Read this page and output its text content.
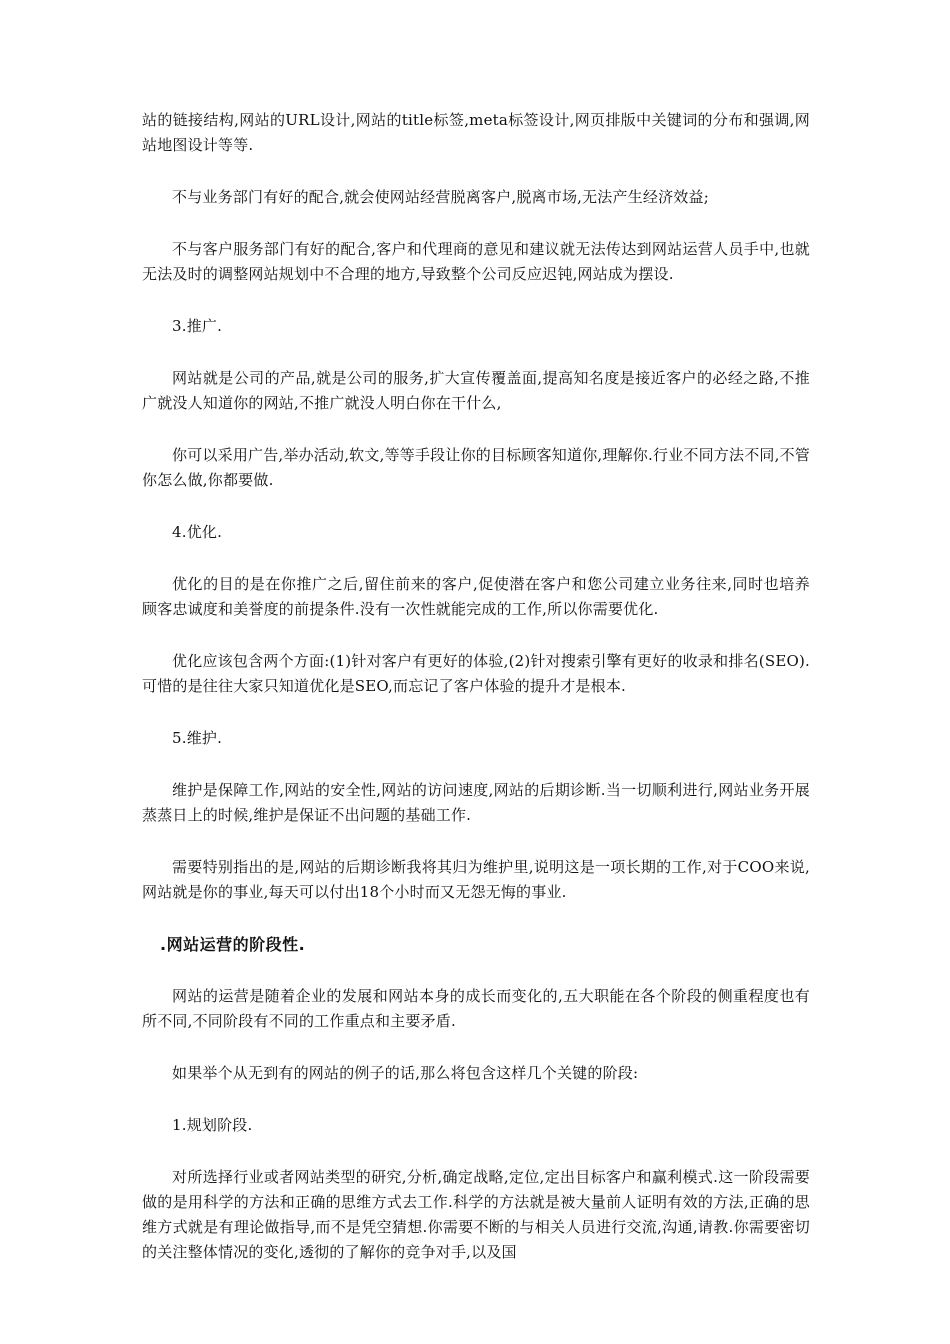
站的链接结构,网站的URL设计,网站的title标签,meta标签设计,网页排版中关键词的分布和强调,网站地图设计等等.

不与业务部门有好的配合,就会使网站经营脱离客户,脱离市场,无法产生经济效益;

不与客户服务部门有好的配合,客户和代理商的意见和建议就无法传达到网站运营人员手中,也就无法及时的调整网站规划中不合理的地方,导致整个公司反应迟钝,网站成为摆设.

3.推广.

网站就是公司的产品,就是公司的服务,扩大宣传覆盖面,提高知名度是接近客户的必经之路,不推广就没人知道你的网站,不推广就没人明白你在干什么,

你可以采用广告,举办活动,软文,等等手段让你的目标顾客知道你,理解你.行业不同方法不同,不管你怎么做,你都要做.

4.优化.

优化的目的是在你推广之后,留住前来的客户,促使潜在客户和您公司建立业务往来,同时也培养顾客忠诚度和美誉度的前提条件.没有一次性就能完成的工作,所以你需要优化.

优化应该包含两个方面:(1)针对客户有更好的体验,(2)针对搜索引擎有更好的收录和排名(SEO).可惜的是往往大家只知道优化是SEO,而忘记了客户体验的提升才是根本.

5.维护.

维护是保障工作,网站的安全性,网站的访问速度,网站的后期诊断.当一切顺利进行,网站业务开展蒸蒸日上的时候,维护是保证不出问题的基础工作.

需要特别指出的是,网站的后期诊断我将其归为维护里,说明这是一项长期的工作,对于COO来说,网站就是你的事业,每天可以付出18个小时而又无怨无悔的事业.

.网站运营的阶段性.

网站的运营是随着企业的发展和网站本身的成长而变化的,五大职能在各个阶段的侧重程度也有所不同,不同阶段有不同的工作重点和主要矛盾.

如果举个从无到有的网站的例子的话,那么将包含这样几个关键的阶段:

1.规划阶段.

对所选择行业或者网站类型的研究,分析,确定战略,定位,定出目标客户和赢利模式.这一阶段需要做的是用科学的方法和正确的思维方式去工作.科学的方法就是被大量前人证明有效的方法,正确的思维方式就是有理论做指导,而不是凭空猜想.你需要不断的与相关人员进行交流,沟通,请教.你需要密切的关注整体情况的变化,透彻的了解你的竞争对手,以及国
